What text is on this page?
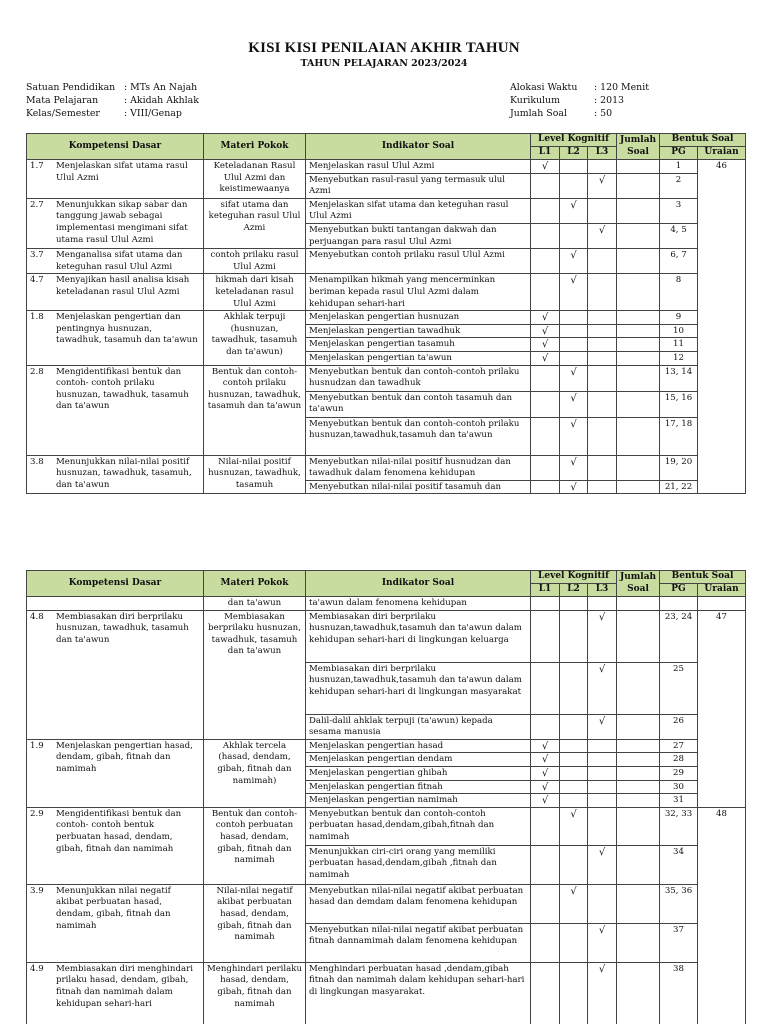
KISI KISI PENILAIAN AKHIR TAHUN
TAHUN PELAJARAN 2023/2024
Satuan Pendidikan : MTs An Najah
Mata Pelajaran	: Akidah Akhlak
Kelas/Semester	: VIII/Genap
Alokasi Waktu	: 120 Menit
Kurikulum	: 2013
Jumlah Soal	: 50
Kompetensi Dasar	Materi Pokok	Indikator Soal	Level Kognitif			Jumlah Soal	Bentuk Soal	
			L1	L2	L3		PG	Uraian

1.7 Menjelaskan sifat utama rasul Ulul Azmi	Keteladanan Rasul Ulul Azmi dan keistimewaanya	Menjelaskan rasul Ulul Azmi	√				1	46
		Menyebutkan rasul-rasul yang termasuk ulul Azmi			√		2	

2.7 Menunjukkan sikap sabar dan tanggung jawab sebagai implementasi mengimani sifat utama rasul Ulul Azmi	sifat utama dan keteguhan rasul Ulul Azmi	Menjelaskan sifat utama dan keteguhan rasul Ulul Azmi		√			3	
		Menyebutkan bukti tantangan dakwah dan perjuangan para rasul Ulul Azmi			√		4, 5	

3.7 Menganalisa sifat utama dan keteguhan rasul Ulul Azmi	contoh prilaku rasul Ulul Azmi	Menyebutkan contoh prilaku rasul Ulul Azmi		√			6, 7	

4.7 Menyajikan hasil analisa kisah keteladanan rasul Ulul Azmi	hikmah dari kisah keteladanan rasul Ulul Azmi	Menampilkan hikmah yang mencerminkan beriman kepada rasul Ulul Azmi dalam kehidupan sehari-hari		√			8	

1.8 Menjelaskan pengertian dan pentingnya husnuzan, tawadhuk, tasamuh dan ta'awun	Akhlak terpuji (husnuzan, tawadhuk, tasamuh dan ta'awun)	Menjelaskan pengertian husnuzan	√				9	
		Menjelaskan pengertian tawadhuk	√				10	
		Menjelaskan pengertian tasamuh	√				11	
		Menjelaskan pengertian ta'awun	√				12	

2.8 Mengidentifikasi bentuk dan contoh- contoh prilaku husnuzan, tawadhuk, tasamuh dan ta'awun	Bentuk dan contoh-contoh prilaku husnuzan, tawadhuk, tasamuh dan ta'awun	Menyebutkan bentuk dan contoh-contoh prilaku husnudzan dan tawadhuk		√			13, 14	
		Menyebutkan bentuk dan contoh tasamuh dan ta'awun		√			15, 16	
		Menyebutkan bentuk dan contoh-contoh prilaku husnuzan,tawadhuk,tasamuh dan ta'awun		√			17, 18	

3.8 Menunjukkan nilai-nilai positif husnuzan, tawadhuk, tasamuh, dan ta'awun	Nilai-nilai positif husnuzan, tawadhuk, tasamuh	Menyebutkan nilai-nilai positif husnudzan dan tawadhuk dalam fenomena kehidupan		√			19, 20	
		Menyebutkan nilai-nilai positif tasamuh dan		√			21, 22	
Kompetensi Dasar	Materi Pokok	Indikator Soal	Level Kognitif			Jumlah Soal	Bentuk Soal	
			L1	L2	L3		PG	Uraian
	dan ta'awun	ta'awun dalam fenomena kehidupan						

4.8 Membiasakan diri berprilaku husnuzan, tawadhuk, tasamuh dan ta'awun	Membiasakan berprilaku husnuzan, tawadhuk, tasamuh dan ta'awun	Membiasakan diri berprilaku husnuzan,tawadhuk,tasamuh dan ta'awun dalam kehidupan sehari-hari di lingkungan keluarga			√		23, 24	47
		Membiasakan diri berprilaku husnuzan,tawadhuk,tasamuh dan ta'awun dalam kehidupan sehari-hari di lingkungan masyarakat			√		25	
		Dalil-dalil ahklak terpuji (ta'awun) kepada sesama manusia			√		26	

1.9 Menjelaskan pengertian hasad, dendam, gibah, fitnah dan namimah	Akhlak tercela (hasad, dendam, gibah, fitnah dan namimah)	Menjelaskan pengertian hasad	√				27	
		Menjelaskan pengertian dendam	√				28	
		Menjelaskan pengertian ghibah	√				29	
		Menjelaskan pengertian fitnah	√				30	
		Menjelaskan pengertian namimah	√				31	

2.9 Mengidentifikasi bentuk dan contoh- contoh bentuk perbuatan hasad, dendam, gibah, fitnah dan namimah	Bentuk dan contoh-contoh perbuatan hasad, dendam, gibah, fitnah dan namimah	Menyebutkan bentuk dan contoh-contoh perbuatan hasad,dendam,gibah,fitnah dan namimah		√			32, 33	48
		Menunjukkan ciri-ciri orang yang memiliki perbuatan hasad,dendam,gibah ,fitnah dan namimah			√		34	

3.9 Menunjukkan nilai negatif akibat perbuatan hasad, dendam, gibah, fitnah dan namimah	Nilai-nilai negatif akibat perbuatan hasad, dendam, gibah, fitnah dan namimah	Menyebutkan nilai-nilai negatif akibat perbuatan hasad dan demdam dalam fenomena kehidupan		√			35, 36	
		Menyebutkan nilai-nilai negatif akibat perbuatan fitnah dannamimah dalam fenomena kehidupan			√		37	

4.9 Membiasakan diri menghindari prilaku hasad, dendam, gibah, fitnah dan namimah dalam kehidupan sehari-hari	Menghindari perilaku hasad, dendam, gibah, fitnah dan namimah	Menghindari perbuatan hasad ,dendam,gibah fitnah dan namimah dalam kehidupan sehari-hari di lingkungan masyarakat.			√		38	
